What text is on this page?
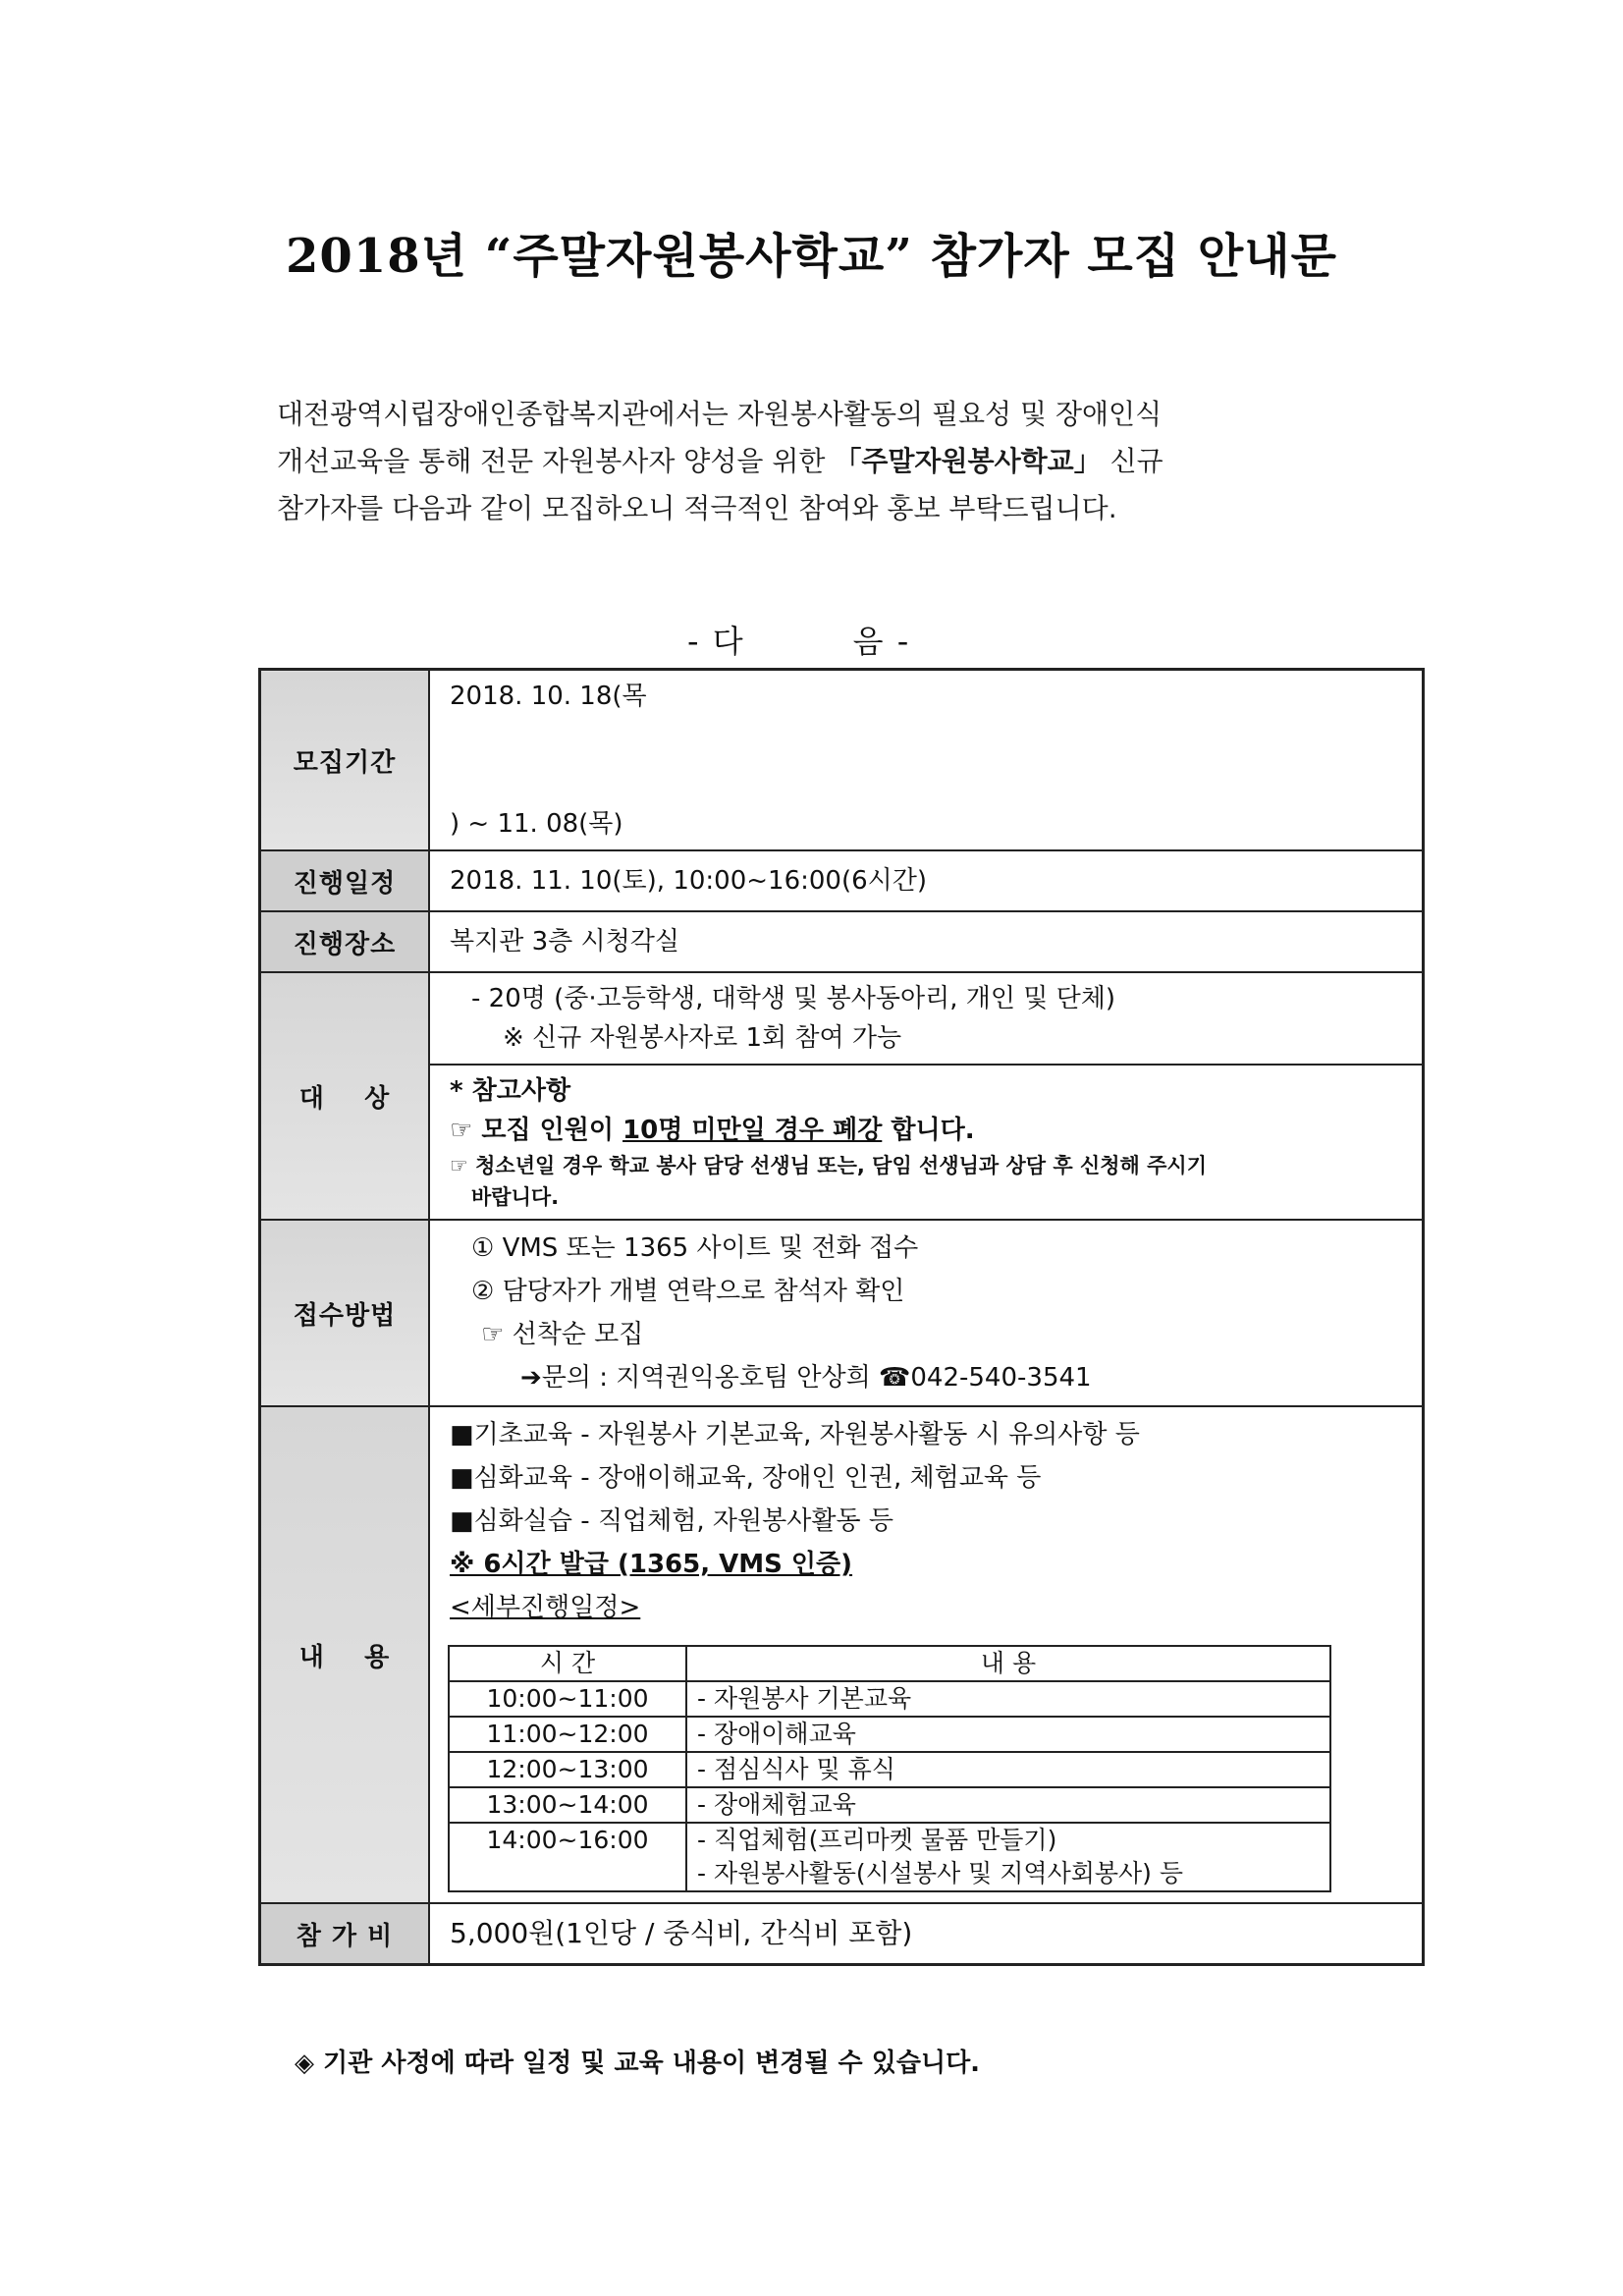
2018년 “주말자원봉사학교” 참가자 모집 안내문
대전광역시립장애인종합복지관에서는 자원봉사활동의 필요성 및 장애인식
개선교육을 통해 전문 자원봉사자 양성을 위한 「주말자원봉사학교」 신규
참가자를 다음과 같이 모집하오니 적극적인 참여와 홍보 부탁드립니다.
- 다	음 -
모집기간	
2018. 10. 18(목
) ~ 11. 08(목)

진행일정	2018. 11. 10(토), 10:00~16:00(6시간)

진행장소	복지관 3층 시청각실

대    상	
- 20명 (중·고등학생, 대학생 및 봉사동아리, 개인 및 단체)
※ 신규 자원봉사자로 1회 참여 가능
* 참고사항
☞ 모집 인원이 10명 미만일 경우 폐강 합니다.
☞ 청소년일 경우 학교 봉사 담당 선생님 또는, 담임 선생님과 상담 후 신청해 주시기
바랍니다.

접수방법	
① VMS 또는 1365 사이트 및 전화 접수
② 담당자가 개별 연락으로 참석자 확인
☞ 선착순 모집
➔문의 : 지역권익옹호팀 안상희 ☎042-540-3541

내    용	
■기초교육 - 자원봉사 기본교육, 자원봉사활동 시 유의사항 등
■심화교육 - 장애이해교육, 장애인 인권, 체험교육 등
■심화실습 - 직업체험, 자원봉사활동 등
※ 6시간 발급 (1365, VMS 인증)
<세부진행일정>
시 간	내 용
10:00~11:00	- 자원봉사 기본교육
11:00~12:00	- 장애이해교육
12:00~13:00	- 점심식사 및 휴식
13:00~14:00	- 장애체험교육
14:00~16:00	- 직업체험(프리마켓 물품 만들기)
- 자원봉사활동(시설봉사 및 지역사회봉사) 등

참 가 비	5,000원(1인당 / 중식비, 간식비 포함)
◈ 기관 사정에 따라 일정 및 교육 내용이 변경될 수 있습니다.
